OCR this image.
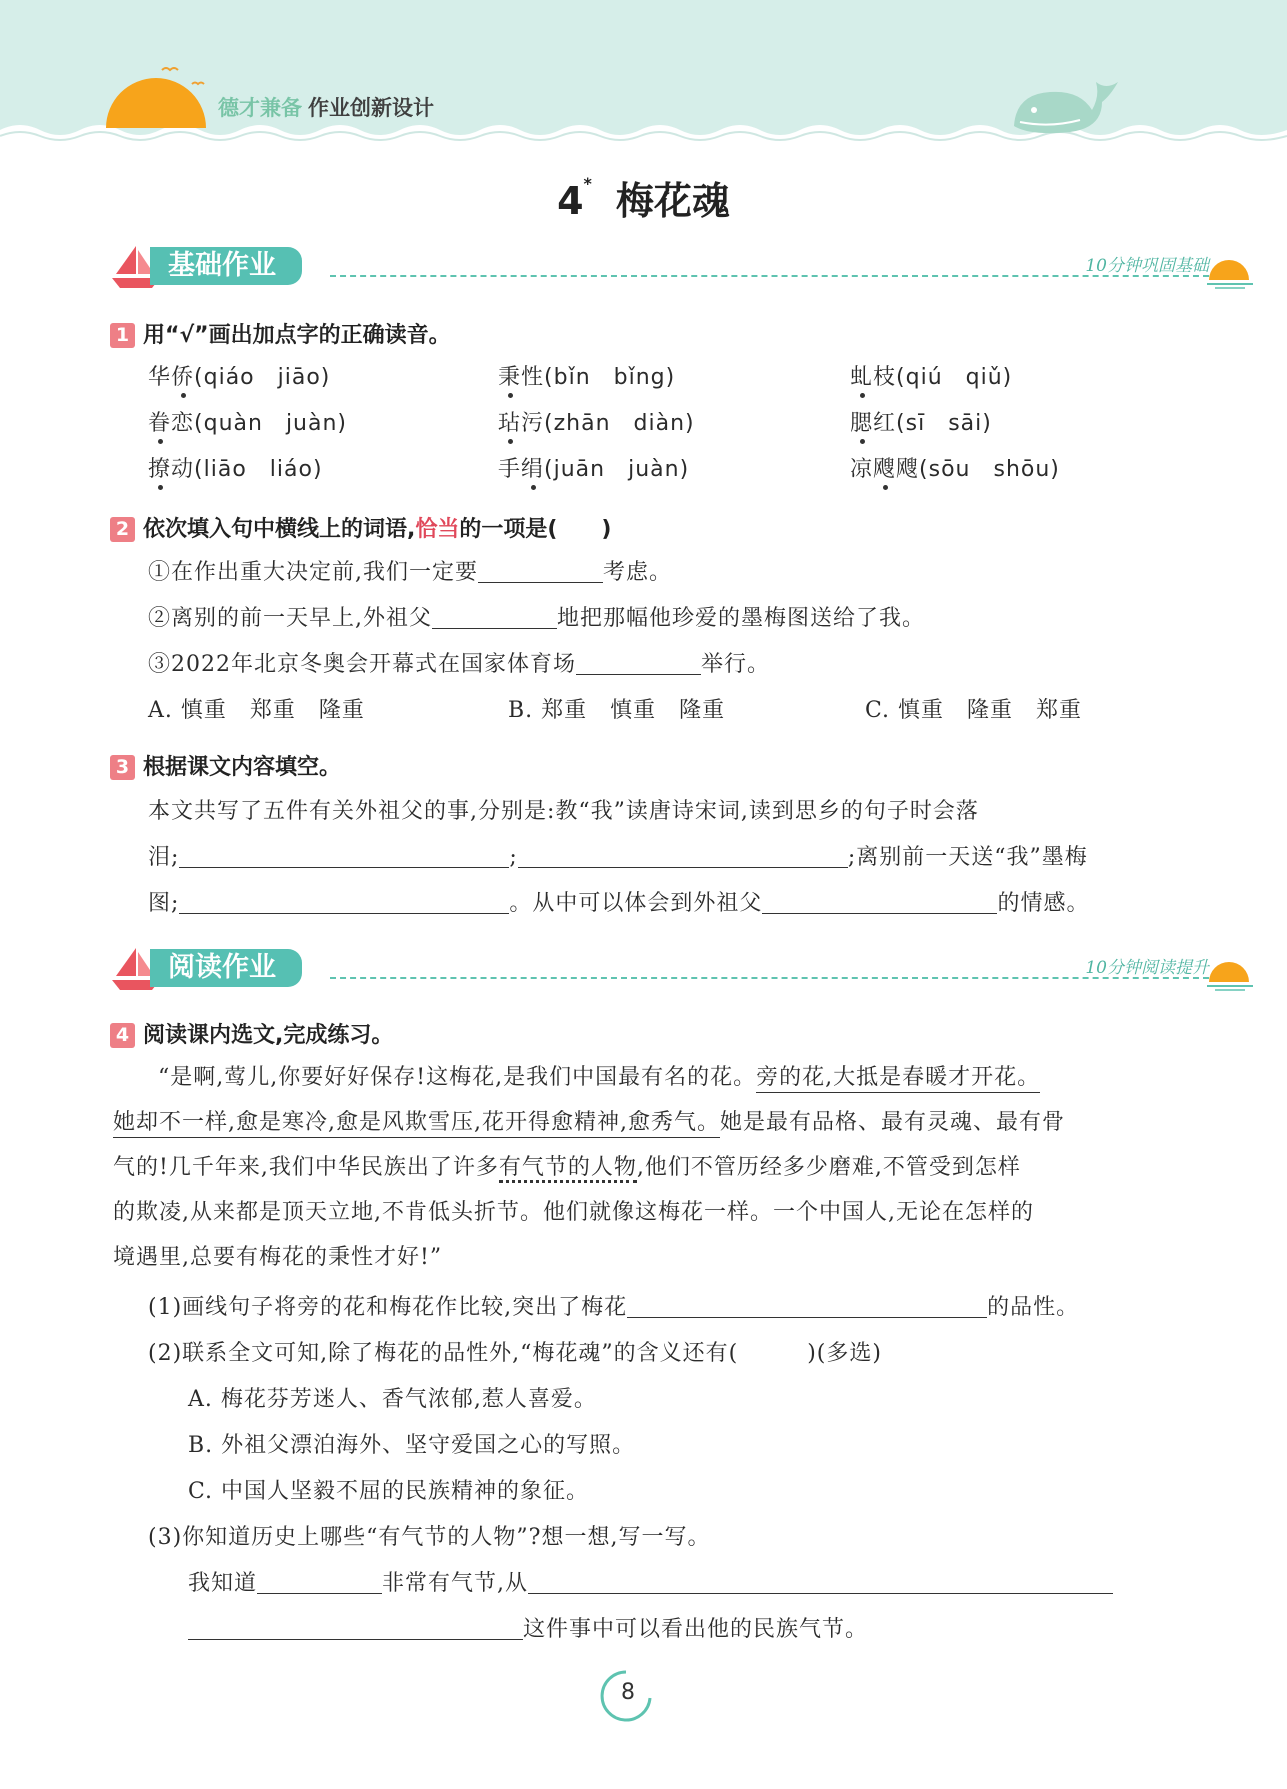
德才兼备 作业创新设计
4* 梅花魂
基础作业	10分钟巩固基础
1 用“√”画出加点字的正确读音。
华侨(qiáo　jiāo)	秉性(bǐn　bǐng)	虬枝(qiú　qiǔ)
眷恋(quàn　juàn)	玷污(zhān　diàn)	腮红(sī　sāi)
撩动(liāo　liáo)	手绢(juān　juàn)	凉飕飕(sōu　shōu)
2 依次填入句中横线上的词语,恰当的一项是(　　)
①在作出重大决定前,我们一定要	考虑。
②离别的前一天早上,外祖父	地把那幅他珍爱的墨梅图送给了我。
③2022年北京冬奥会开幕式在国家体育场	举行。
A. 慎重　郑重　隆重	B. 郑重　慎重　隆重	C. 慎重　隆重　郑重
3 根据课文内容填空。
本文共写了五件有关外祖父的事,分别是:教“我”读唐诗宋词,读到思乡的句子时会落
泪;	;	;离别前一天送“我”墨梅
图;	。从中可以体会到外祖父	的情感。
阅读作业	10分钟阅读提升
4 阅读课内选文,完成练习。
“是啊,莺儿,你要好好保存!这梅花,是我们中国最有名的花。旁的花,大抵是春暖才开花。
她却不一样,愈是寒冷,愈是风欺雪压,花开得愈精神,愈秀气。她是最有品格、最有灵魂、最有骨
气的!几千年来,我们中华民族出了许多有气节的人物,他们不管历经多少磨难,不管受到怎样
的欺凌,从来都是顶天立地,不肯低头折节。他们就像这梅花一样。一个中国人,无论在怎样的
境遇里,总要有梅花的秉性才好!”
(1)画线句子将旁的花和梅花作比较,突出了梅花	的品性。
(2)联系全文可知,除了梅花的品性外,“梅花魂”的含义还有(　　　)(多选)
A. 梅花芬芳迷人、香气浓郁,惹人喜爱。
B. 外祖父漂泊海外、坚守爱国之心的写照。
C. 中国人坚毅不屈的民族精神的象征。
(3)你知道历史上哪些“有气节的人物”?想一想,写一写。
我知道	非常有气节,从
这件事中可以看出他的民族气节。
8
